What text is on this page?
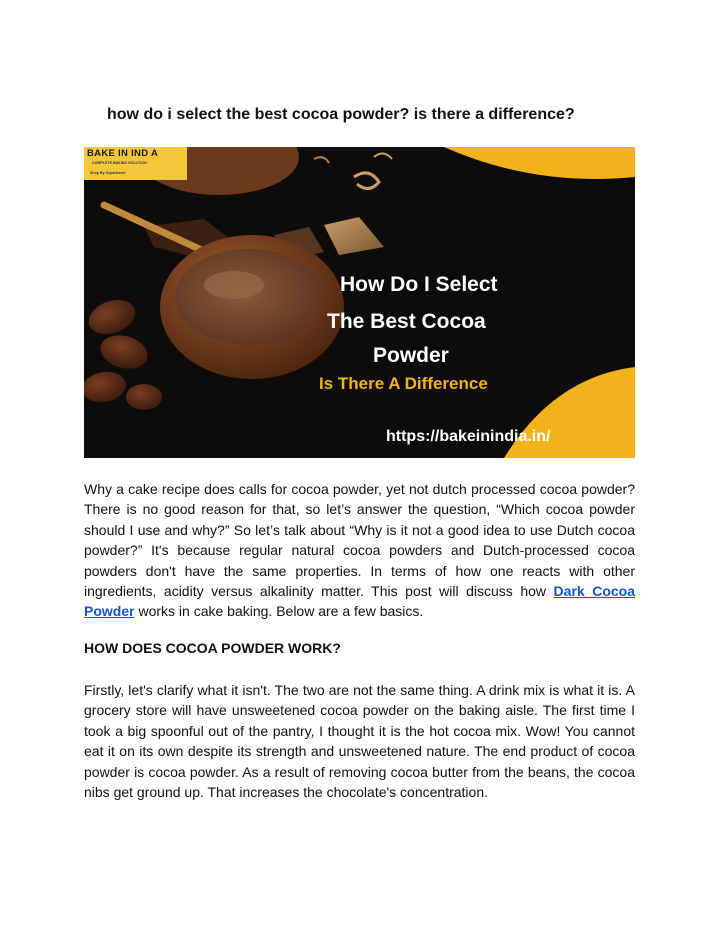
how do i select the best cocoa powder? is there a difference?
BAKE IN IND A
COMPLETE BAKING SOLUTION
Shop By Department
How Do I Select
The Best Cocoa
Powder
Is There A Difference
https://bakeinindia.in/

Why a cake recipe does calls for cocoa powder, yet not dutch processed cocoa powder? There is no good reason for that, so let’s answer the question, “Which cocoa powder should I use and why?” So let’s talk about “Why is it not a good idea to use Dutch cocoa powder?” It's because regular natural cocoa powders and Dutch-processed cocoa powders don't have the same properties. In terms of how one reacts with other ingredients, acidity versus alkalinity matter. This post will discuss how Dark Cocoa Powder works in cake baking. Below are a few basics.

HOW DOES COCOA POWDER WORK?

Firstly, let's clarify what it isn't. The two are not the same thing. A drink mix is what it is. A grocery store will have unsweetened cocoa powder on the baking aisle. The first time I took a big spoonful out of the pantry, I thought it is the hot cocoa mix. Wow! You cannot eat it on its own despite its strength and unsweetened nature. The end product of cocoa powder is cocoa powder. As a result of removing cocoa butter from the beans, the cocoa nibs get ground up. That increases the chocolate's concentration.
